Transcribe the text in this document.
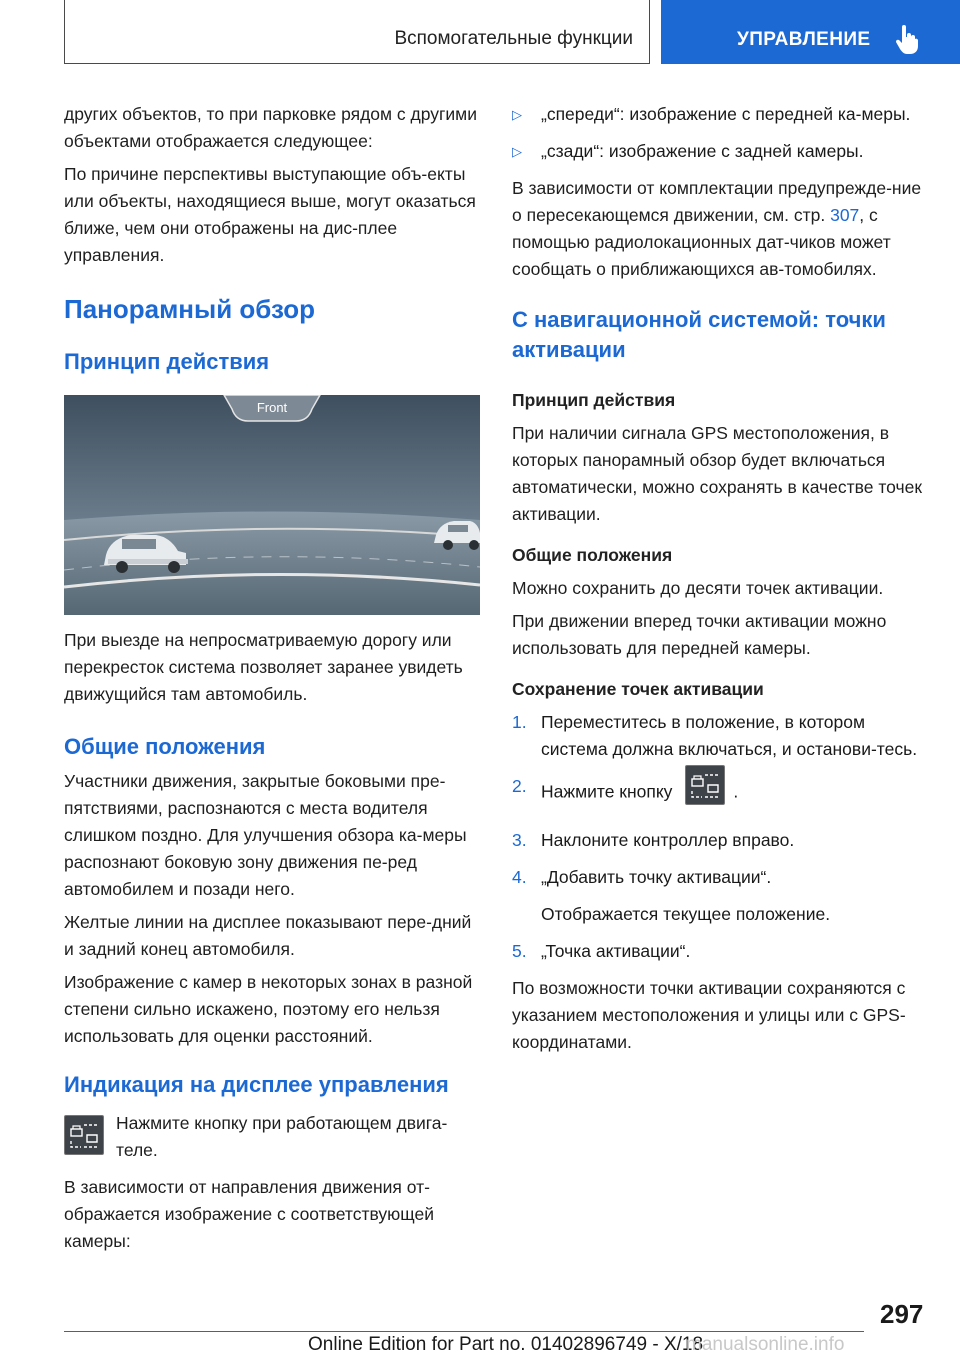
Вспомогательные функции	УПРАВЛЕНИЕ

других объектов, то при парковке рядом с другими объектами отображается следующее:

По причине перспективы выступающие объ-екты или объекты, находящиеся выше, могут оказаться ближе, чем они отображены на дис-плее управления.

Панорамный обзор
Принцип действия
Front

При выезде на непросматриваемую дорогу или перекресток система позволяет заранее увидеть движущийся там автомобиль.

Общие положения

Участники движения, закрытые боковыми пре-пятствиями, распознаются с места водителя слишком поздно. Для улучшения обзора ка-меры распознают боковую зону движения пе-ред автомобилем и позади него.

Желтые линии на дисплее показывают пере-дний и задний конец автомобиля.

Изображение с камер в некоторых зонах в разной степени сильно искажено, поэтому его нельзя использовать для оценки расстояний.

Индикация на дисплее управления

Нажмите кнопку при работающем двига-теле.

В зависимости от направления движения от-ображается изображение с соответствующей камеры:

▷ „спереди“: изображение с передней ка-меры.
▷ „сзади“: изображение с задней камеры.

В зависимости от комплектации предупрежде-ние о пересекающемся движении, см. стр. 307, с помощью радиолокационных дат-чиков может сообщать о приближающихся ав-томобилях.

С навигационной системой: точки активации
Принцип действия

При наличии сигнала GPS местоположения, в которых панорамный обзор будет включаться автоматически, можно сохранять в качестве точек активации.

Общие положения

Можно сохранить до десяти точек активации.

При движении вперед точки активации можно использовать для передней камеры.

Сохранение точек активации
1. Переместитесь в положение, в котором система должна включаться, и останови-тесь.
2. Нажмите кнопку	.
3. Наклоните контроллер вправо.
4. „Добавить точку активации“.

Отображается текущее положение.

5. „Точка активации“.

По возможности точки активации сохраняются с указанием местоположения и улицы или с GPS-координатами.

297
Online Edition for Part no. 01402896749 - X/18
manualsonline.info
